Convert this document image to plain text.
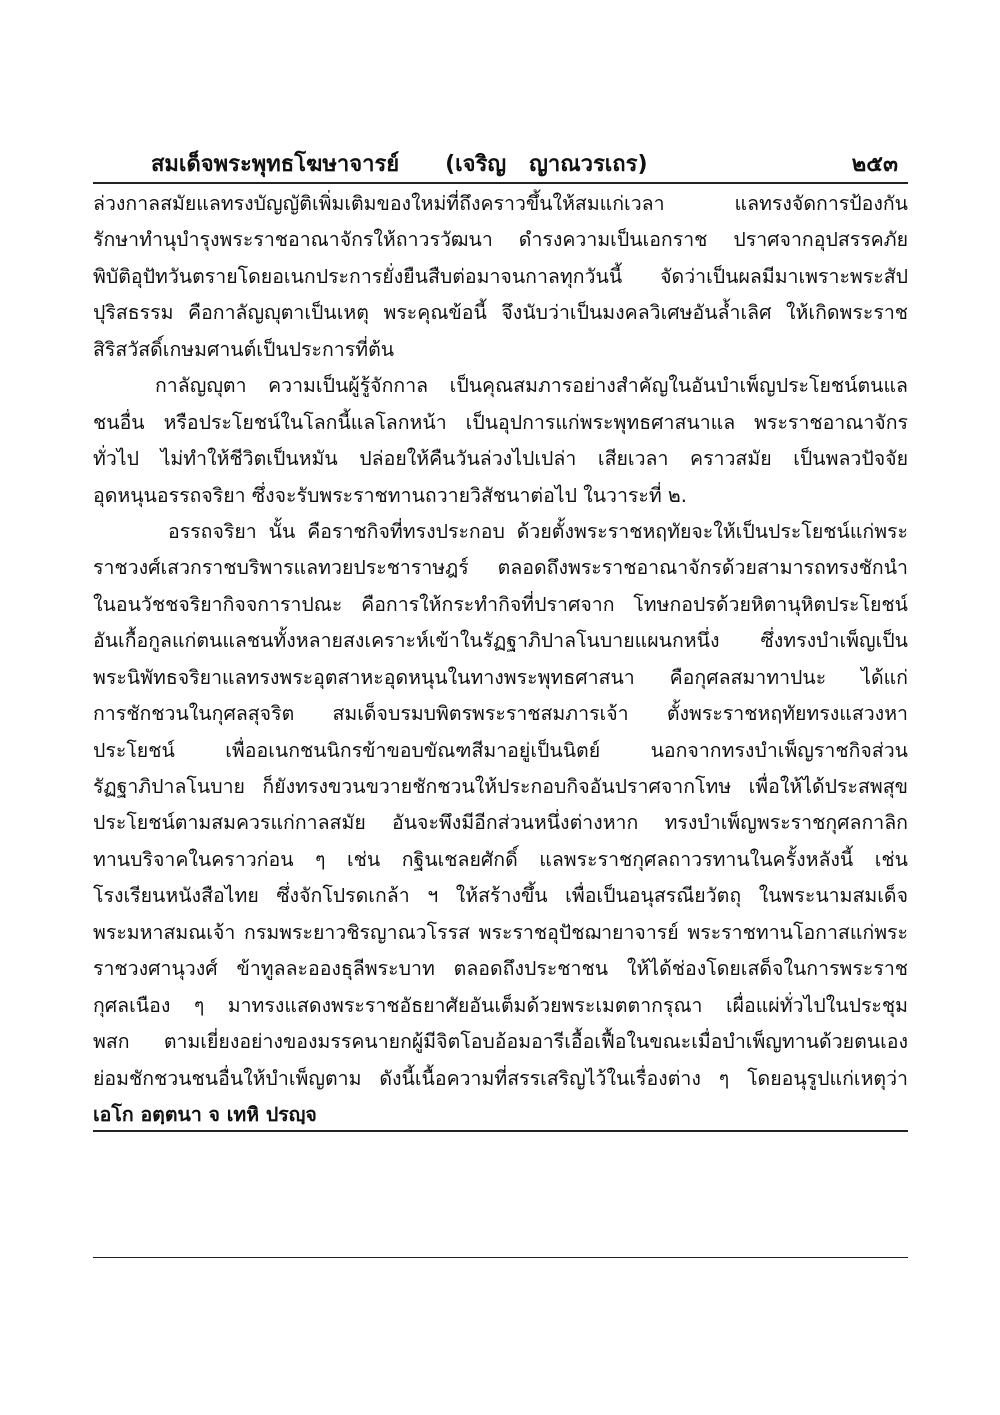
สมเด็จพระพุทธโฆษาจารย์      (เจริญ   ญาณวรเถร)	๒๕๓
ล่วงกาลสมัยแลทรงบัญญัติเพิ่มเติมของใหม่ที่ถึงคราวขึ้นให้สมแก่เวลา แลทรงจัดการป้องกัน
รักษาทำนุบำรุงพระราชอาณาจักรให้ถาวรวัฒนา ดำรงความเป็นเอกราช ปราศจากอุปสรรคภัย
พิบัติอุปัทวันตรายโดยอเนกประการยั่งยืนสืบต่อมาจนกาลทุกวันนี้ จัดว่าเป็นผลมีมาเพราะพระสัป
ปุริสธรรม คือกาลัญญุตาเป็นเหตุ พระคุณข้อนี้ จึงนับว่าเป็นมงคลวิเศษอันล้ำเลิศ ให้เกิดพระราช
สิริสวัสดิ์เกษมศานต์เป็นประการที่ต้น
กาลัญญุตา ความเป็นผู้รู้จักกาล เป็นคุณสมภารอย่างสำคัญในอันบำเพ็ญประโยชน์ตนแล
ชนอื่น หรือประโยชน์ในโลกนี้แลโลกหน้า เป็นอุปการแก่พระพุทธศาสนาแล พระราชอาณาจักร
ทั่วไป ไม่ทำให้ชีวิตเป็นหมัน ปล่อยให้คืนวันล่วงไปเปล่า เสียเวลา คราวสมัย เป็นพลวปัจจัย
อุดหนุนอรรถจริยา ซึ่งจะรับพระราชทานถวายวิสัชนาต่อไป ในวาระที่ ๒.
อรรถจริยา นั้น คือราชกิจที่ทรงประกอบ ด้วยตั้งพระราชหฤทัยจะให้เป็นประโยชน์แก่พระ
ราชวงศ์เสวกราชบริพารแลทวยประชาราษฎร์ ตลอดถึงพระราชอาณาจักรด้วยสามารถทรงชักนำ
ในอนวัชชจริยากิจจการาปณะ คือการให้กระทำกิจที่ปราศจาก โทษกอปรด้วยหิตานุหิตประโยชน์
อันเกื้อกูลแก่ตนแลชนทั้งหลายสงเคราะห์เข้าในรัฏฐาภิปาลโนบายแผนกหนึ่ง ซึ่งทรงบำเพ็ญเป็น
พระนิพัทธจริยาแลทรงพระอุตสาหะอุดหนุนในทางพระพุทธศาสนา คือกุศลสมาทาปนะ ได้แก่
การชักชวนในกุศลสุจริต สมเด็จบรมบพิตรพระราชสมภารเจ้า ตั้งพระราชหฤทัยทรงแสวงหา
ประโยชน์ เพื่ออเนกชนนิกรข้าขอบขัณฑสีมาอยู่เป็นนิตย์ นอกจากทรงบำเพ็ญราชกิจส่วน
รัฏฐาภิปาลโนบาย ก็ยังทรงขวนขวายชักชวนให้ประกอบกิจอันปราศจากโทษ เพื่อให้ได้ประสพสุข
ประโยชน์ตามสมควรแก่กาลสมัย อันจะพึงมีอีกส่วนหนึ่งต่างหาก ทรงบำเพ็ญพระราชกุศลกาลิก
ทานบริจาคในคราวก่อน ๆ เช่น กฐินเชลยศักดิ์ แลพระราชกุศลถาวรทานในครั้งหลังนี้ เช่น
โรงเรียนหนังสือไทย ซึ่งจักโปรดเกล้า ฯ ให้สร้างขึ้น เพื่อเป็นอนุสรณียวัตถุ ในพระนามสมเด็จ
พระมหาสมณเจ้า กรมพระยาวชิรญาณวโรรส พระราชอุปัชฌายาจารย์ พระราชทานโอกาสแก่พระ
ราชวงศานุวงศ์ ข้าทูลละอองธุลีพระบาท ตลอดถึงประชาชน ให้ได้ช่องโดยเสด็จในการพระราช
กุศลเนือง ๆ มาทรงแสดงพระราชอัธยาศัยอันเต็มด้วยพระเมตตากรุณา เผื่อแผ่ทั่วไปในประชุม
พสก ตามเยี่ยงอย่างของมรรคนายกผู้มีจิตโอบอ้อมอารีเอื้อเฟื้อในขณะเมื่อบำเพ็ญทานด้วยตนเอง
ย่อมชักชวนชนอื่นให้บำเพ็ญตาม ดังนี้เนื้อความที่สรรเสริญไว้ในเรื่องต่าง ๆ โดยอนุรูปแก่เหตุว่า
เอโก อตฺตนา จ เทหิ ปรญฺจ
